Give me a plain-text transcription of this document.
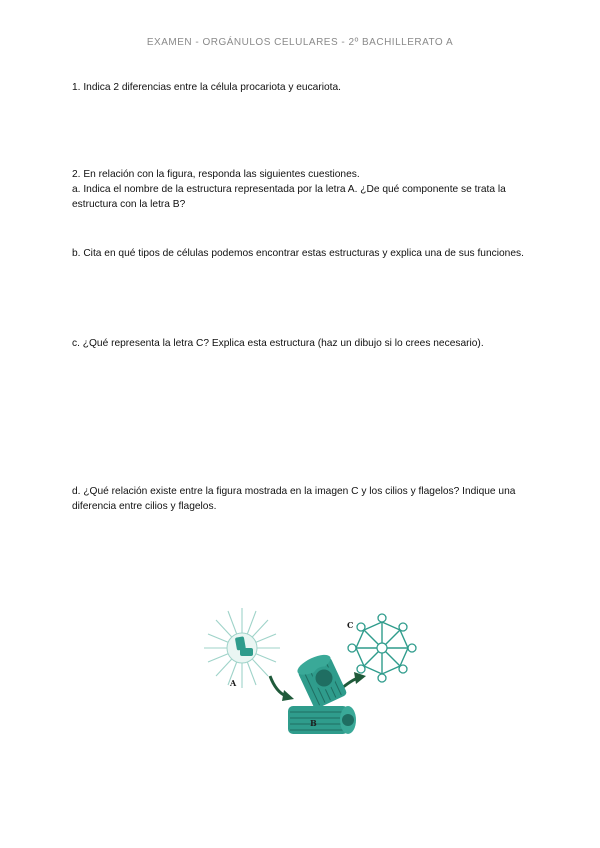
EXAMEN - ORGÁNULOS CELULARES - 2º BACHILLERATO A

1. Indica 2 diferencias entre la célula procariota y eucariota.

2. En relación con la figura, responda las siguientes cuestiones.

a. Indica el nombre de la estructura representada por la letra A. ¿De qué componente se trata la estructura con la letra B?

b. Cita en qué tipos de células podemos encontrar estas estructuras y explica una de sus funciones.

c. ¿Qué representa la letra C? Explica esta estructura (haz un dibujo si lo crees necesario).

d. ¿Qué relación existe entre la figura mostrada en la imagen C y los cilios y flagelos? Indique una diferencia entre cilios y flagelos.

A
B
C
